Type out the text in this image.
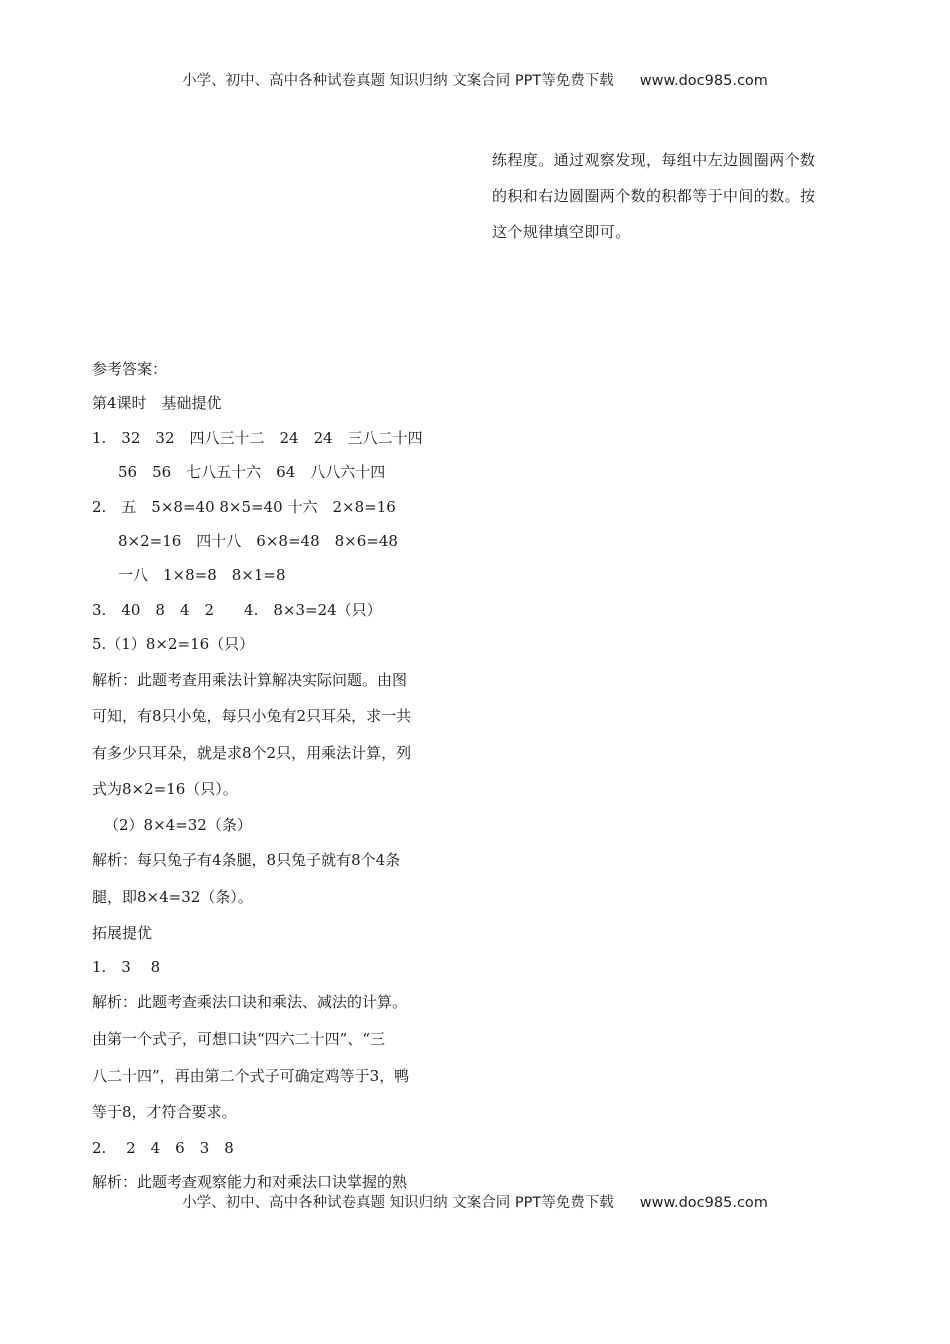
小学、初中、高中各种试卷真题 知识归纳 文案合同 PPT等免费下载 www.doc985.com

练程度。通过观察发现，每组中左边圆圈两个数

的积和右边圆圈两个数的积都等于中间的数。按

这个规律填空即可。

参考答案：

第4课时　基础提优

1.　32　32　四八三十二　24　24　三八二十四

56　56　七八五十六　64　八八六十四

2.　五　5×8=40 8×5=40 十六　2×8=16

8×2=16　四十八　6×8=48　8×6=48

一八　1×8=8　8×1=8

3.　40　8　4　2　　4.　8×3=24（只）

5.（1）8×2=16（只）

解析：此题考查用乘法计算解决实际问题。由图

可知，有8只小兔，每只小兔有2只耳朵，求一共

有多少只耳朵，就是求8个2只，用乘法计算，列

式为8×2=16（只）。

（2）8×4=32（条）

解析：每只兔子有4条腿，8只兔子就有8个4条

腿，即8×4=32（条）。

拓展提优

1.　3　 8

解析：此题考查乘法口诀和乘法、减法的计算。

由第一个式子，可想口诀“四六二十四”、“三

八二十四”，再由第二个式子可确定鸡等于3，鸭

等于8，才符合要求。

2.　 2　4　6　3　8

解析：此题考查观察能力和对乘法口诀掌握的熟

小学、初中、高中各种试卷真题 知识归纳 文案合同 PPT等免费下载 www.doc985.com
